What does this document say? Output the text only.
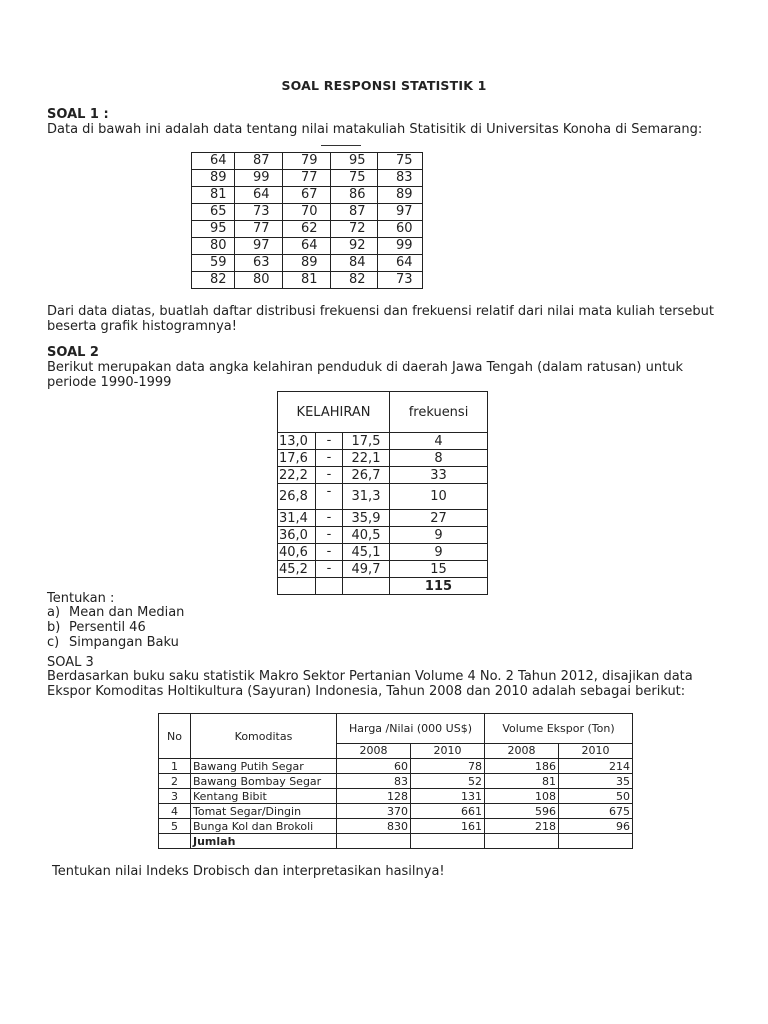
SOAL RESPONSI STATISTIK 1
SOAL 1 :
Data di bawah ini adalah data tentang nilai matakuliah Statisitik di Universitas Konoha di Semarang:
64	87	79	95	75
89	99	77	75	83
81	64	67	86	89
65	73	70	87	97
95	77	62	72	60
80	97	64	92	99
59	63	89	84	64
82	80	81	82	73
Dari data diatas, buatlah daftar distribusi frekuensi dan frekuensi relatif dari nilai mata kuliah tersebut beserta grafik histogramnya!
SOAL 2
Berikut merupakan data angka kelahiran penduduk di daerah Jawa Tengah (dalam ratusan) untuk periode 1990-1999
KELAHIRAN			frekuensi
13,0	-	17,5	4
17,6	-	22,1	8
22,2	-	26,7	33
26,8	-	31,3	10
31,4	-	35,9	27
36,0	-	40,5	9
40,6	-	45,1	9
45,2	-	49,7	15
			115
Tentukan :
a) Mean dan Median
b) Persentil 46
c) Simpangan Baku
SOAL 3
Berdasarkan buku saku statistik Makro Sektor Pertanian Volume 4 No. 2 Tahun 2012, disajikan data Ekspor Komoditas Holtikultura (Sayuran) Indonesia, Tahun 2008 dan 2010 adalah sebagai berikut:
No	Komoditas	Harga /Nilai (000 US$)		Volume Ekspor (Ton)	
		2008	2010	2008	2010
1	Bawang Putih Segar	60	78	186	214
2	Bawang Bombay Segar	83	52	81	35
3	Kentang Bibit	128	131	108	50
4	Tomat Segar/Dingin	370	661	596	675
5	Bunga Kol dan Brokoli	830	161	218	96
	Jumlah				
Tentukan nilai Indeks Drobisch dan interpretasikan hasilnya!
